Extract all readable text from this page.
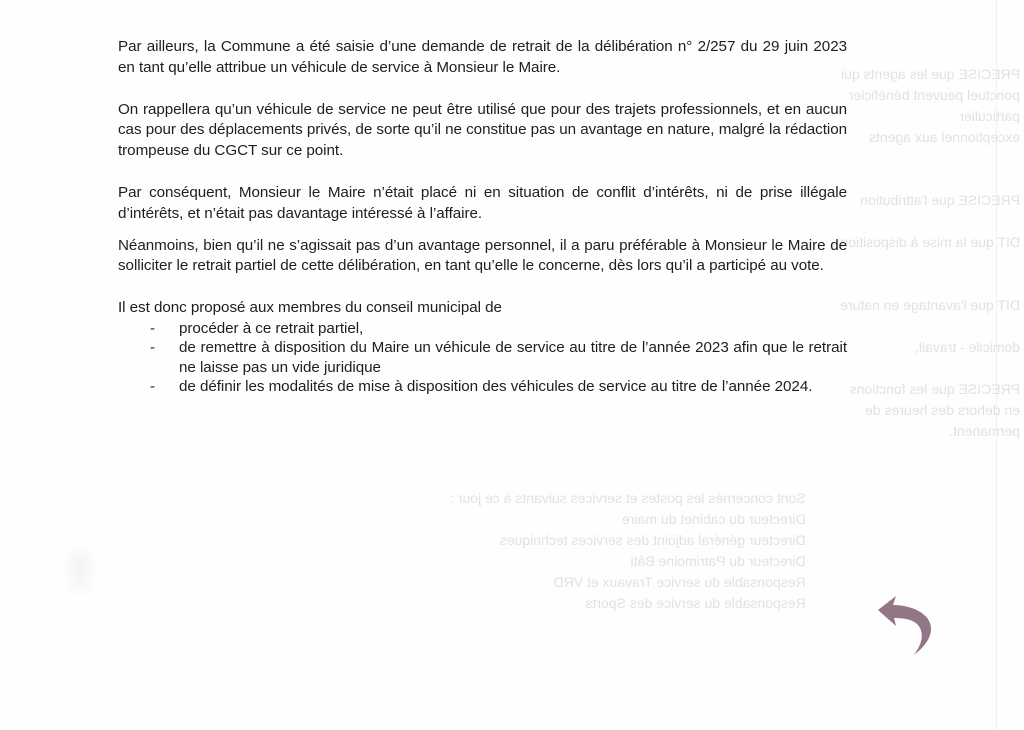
PRECISE que les agents qui
ponctuel peuvent bénéficier
particulier
exceptionnel aux agents

PRECISE que l'attribution

DIT que la mise à disposition

DIT que l'avantage en nature

domicile - travail,

PRECISE que les fonctions
en dehors des heures de
permanent.
Sont concernés les postes et services suivants à ce jour :
Directeur du cabinet du maire
Directeur général adjoint des services techniques
Directeur du Patrimoine Bâti
Responsable du service Travaux et VRD
Responsable du service des Sports

Par ailleurs, la Commune a été saisie d’une demande de retrait de la délibération n° 2/257 du 29 juin 2023 en tant qu’elle attribue un véhicule de service à Monsieur le Maire.

On rappellera qu’un véhicule de service ne peut être utilisé que pour des trajets professionnels, et en aucun cas pour des déplacements privés, de sorte qu’il ne constitue pas un avantage en nature, malgré la rédaction trompeuse du CGCT sur ce point.

Par conséquent, Monsieur le Maire n’était placé ni en situation de conflit d’intérêts, ni de prise illégale d’intérêts, et n’était pas davantage intéressé à l’affaire.

Néanmoins, bien qu’il ne s’agissait pas d’un avantage personnel, il a paru préférable à Monsieur le Maire de solliciter le retrait partiel de cette délibération, en tant qu’elle le concerne, dès lors qu’il a participé au vote.

Il est donc proposé aux membres du conseil municipal de

- procéder à ce retrait partiel,
- de remettre à disposition du Maire un véhicule de service au titre de l’année 2023 afin que le retrait ne laisse pas un vide juridique
- de définir les modalités de mise à disposition des véhicules de service au titre de l’année 2024.
